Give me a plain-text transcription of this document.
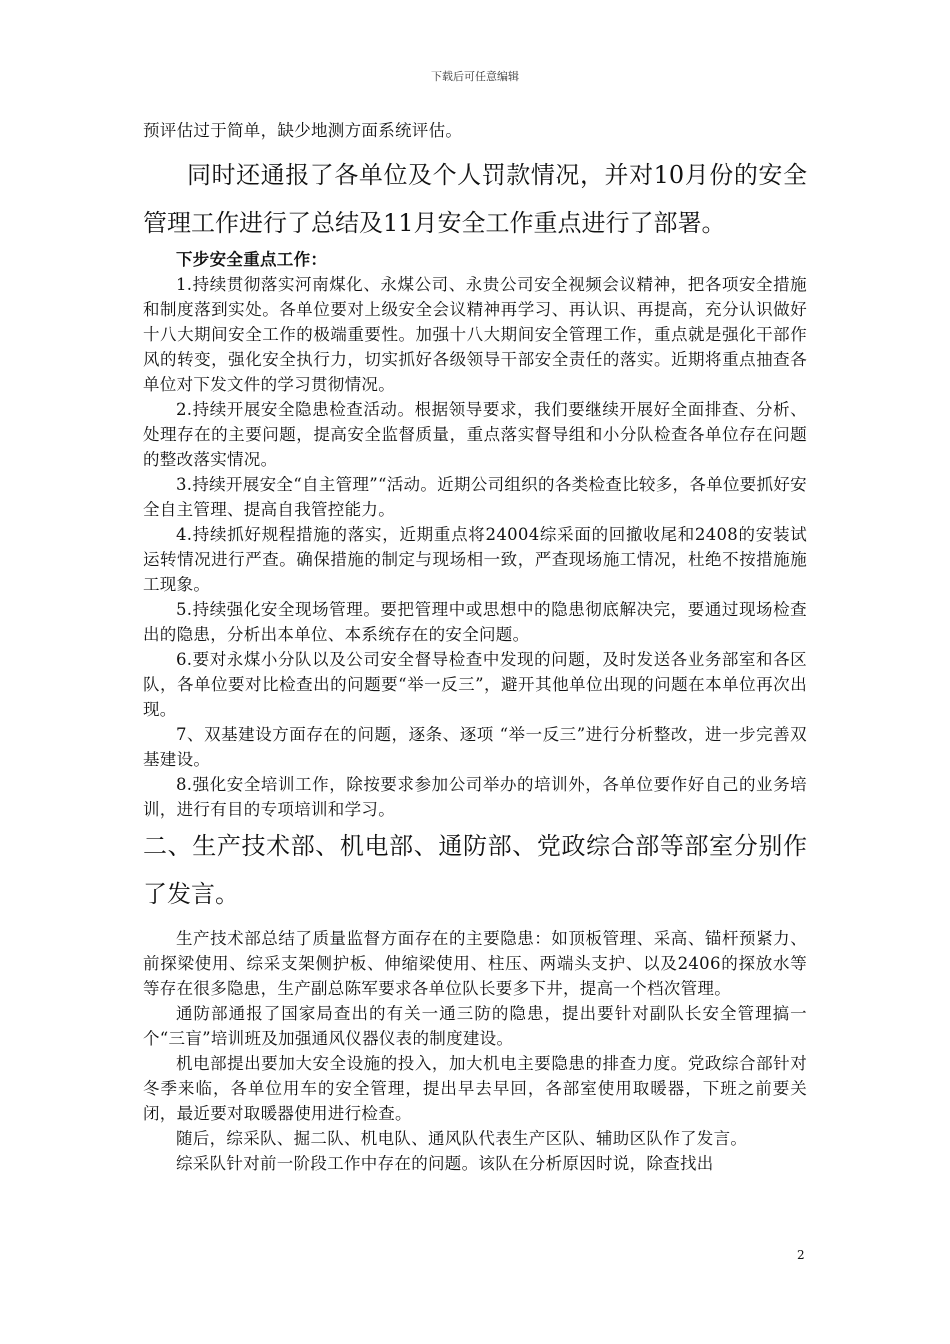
下载后可任意编辑

预评估过于简单，缺少地测方面系统评估。

同时还通报了各单位及个人罚款情况，并对10月份的安全管理工作进行了总结及11月安全工作重点进行了部署。

下步安全重点工作：

1.持续贯彻落实河南煤化、永煤公司、永贵公司安全视频会议精神，把各项安全措施和制度落到实处。各单位要对上级安全会议精神再学习、再认识、再提高，充分认识做好十八大期间安全工作的极端重要性。加强十八大期间安全管理工作，重点就是强化干部作风的转变，强化安全执行力，切实抓好各级领导干部安全责任的落实。近期将重点抽查各单位对下发文件的学习贯彻情况。

2.持续开展安全隐患检查活动。根据领导要求，我们要继续开展好全面排查、分析、处理存在的主要问题，提高安全监督质量，重点落实督导组和小分队检查各单位存在问题的整改落实情况。

3.持续开展安全“自主管理”“活动。近期公司组织的各类检查比较多，各单位要抓好安全自主管理、提高自我管控能力。

4.持续抓好规程措施的落实，近期重点将24004综采面的回撤收尾和2408的安装试运转情况进行严查。确保措施的制定与现场相一致，严查现场施工情况，杜绝不按措施施工现象。

5.持续强化安全现场管理。要把管理中或思想中的隐患彻底解决完，要通过现场检查出的隐患，分析出本单位、本系统存在的安全问题。

6.要对永煤小分队以及公司安全督导检查中发现的问题，及时发送各业务部室和各区队，各单位要对比检查出的问题要“举一反三”，避开其他单位出现的问题在本单位再次出现。

7、双基建设方面存在的问题，逐条、逐项 “举一反三”进行分析整改，进一步完善双基建设。

8.强化安全培训工作，除按要求参加公司举办的培训外，各单位要作好自己的业务培训，进行有目的专项培训和学习。

二、生产技术部、机电部、通防部、党政综合部等部室分别作了发言。

生产技术部总结了质量监督方面存在的主要隐患：如顶板管理、采高、锚杆预紧力、前探梁使用、综采支架侧护板、伸缩梁使用、柱压、两端头支护、以及2406的探放水等等存在很多隐患，生产副总陈军要求各单位队长要多下井，提高一个档次管理。

通防部通报了国家局查出的有关一通三防的隐患，提出要针对副队长安全管理搞一个“三盲”培训班及加强通风仪器仪表的制度建设。

机电部提出要加大安全设施的投入，加大机电主要隐患的排查力度。党政综合部针对冬季来临，各单位用车的安全管理，提出早去早回，各部室使用取暖器，下班之前要关闭，最近要对取暖器使用进行检查。

随后，综采队、掘二队、机电队、通风队代表生产区队、辅助区队作了发言。

综采队针对前一阶段工作中存在的问题。该队在分析原因时说，除查找出

2
